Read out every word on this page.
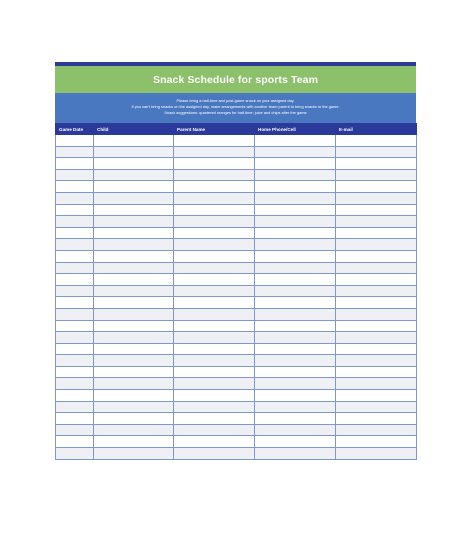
Snack Schedule for sports Team
Please bring a half-time and post-game snack on your assigned day.
If you can't bring snacks on the assigned day, make arrangements with another team parent to bring snacks to the game.
Snack suggestions: quartered oranges for half-time; juice and chips after the game
Game Date	Child	Parent Name	Home Phone/Cell	E-mail
